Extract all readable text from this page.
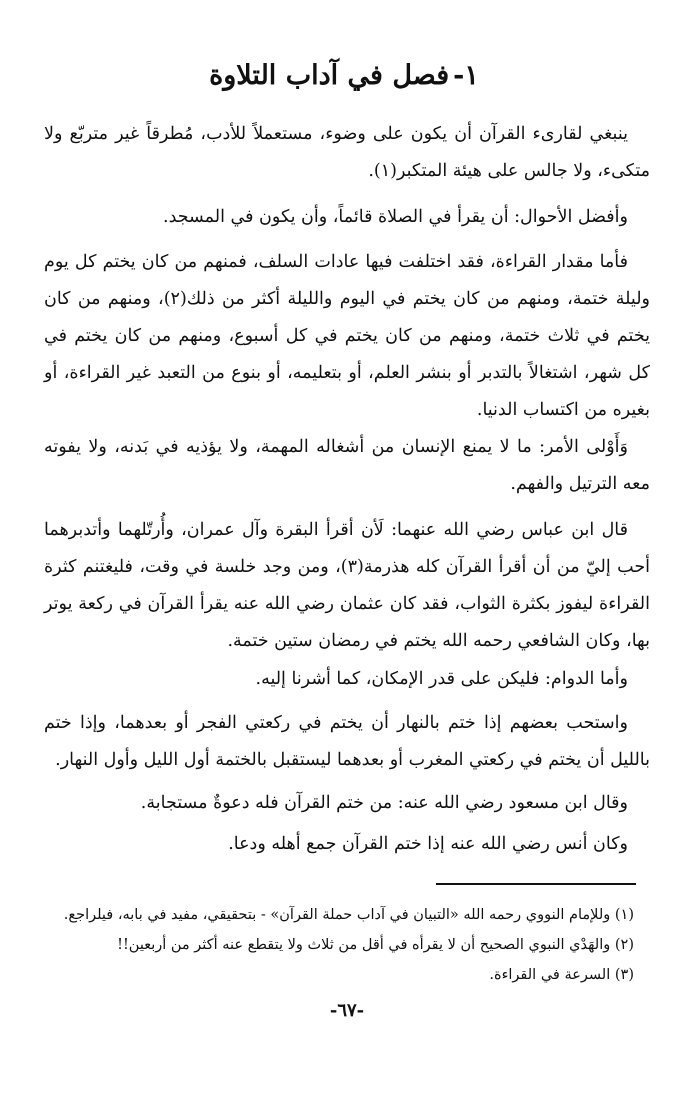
١-فصل في آداب التلاوة

ينبغي لقارىء القرآن أن يكون على وضوء، مستعملاً للأدب، مُطرقاً غير متربّع ولا متكىء، ولا جالس على هيئة المتكبر(١).

وأفضل الأحوال: أن يقرأ في الصلاة قائماً، وأن يكون في المسجد.

فأما مقدار القراءة، فقد اختلفت فيها عادات السلف، فمنهم من كان يختم كل يوم وليلة ختمة، ومنهم من كان يختم في اليوم والليلة أكثر من ذلك(٢)، ومنهم من كان يختم في ثلاث ختمة، ومنهم من كان يختم في كل أسبوع، ومنهم من كان يختم في كل شهر، اشتغالاً بالتدبر أو بنشر العلم، أو بتعليمه، أو بنوع من التعبد غير القراءة، أو بغيره من اكتساب الدنيا.

وَأَوْلى الأمر: ما لا يمنع الإنسان من أشغاله المهمة، ولا يؤذيه في بَدنه، ولا يفوته معه الترتيل والفهم.

قال ابن عباس رضي الله عنهما: لَأن أقرأ البقرة وآل عمران، وأُرتّلهما وأتدبرهما أحب إليّ من أن أقرأ القرآن كله هذرمة(٣)، ومن وجد خلسة في وقت، فليغتنم كثرة القراءة ليفوز بكثرة الثواب، فقد كان عثمان رضي الله عنه يقرأ القرآن في ركعة يوتر بها، وكان الشافعي رحمه الله يختم في رمضان ستين ختمة.

وأما الدوام: فليكن على قدر الإمكان، كما أشرنا إليه.

واستحب بعضهم إذا ختم بالنهار أن يختم في ركعتي الفجر أو بعدهما، وإذا ختم بالليل أن يختم في ركعتي المغرب أو بعدهما ليستقبل بالختمة أول الليل وأول النهار.

وقال ابن مسعود رضي الله عنه: من ختم القرآن فله دعوةٌ مستجابة.

وكان أنس رضي الله عنه إذا ختم القرآن جمع أهله ودعا.

(١) وللإمام النووي رحمه الله «التبيان في آداب حملة القرآن» - بتحقيقي، مفيد في بابه، فيلراجع.
(٢) والهَدْي النبوي الصحيح أن لا يقرأه في أقل من ثلاث ولا يتقطع عنه أكثر من أربعين!!
(٣) السرعة في القراءة.
-٦٧-
